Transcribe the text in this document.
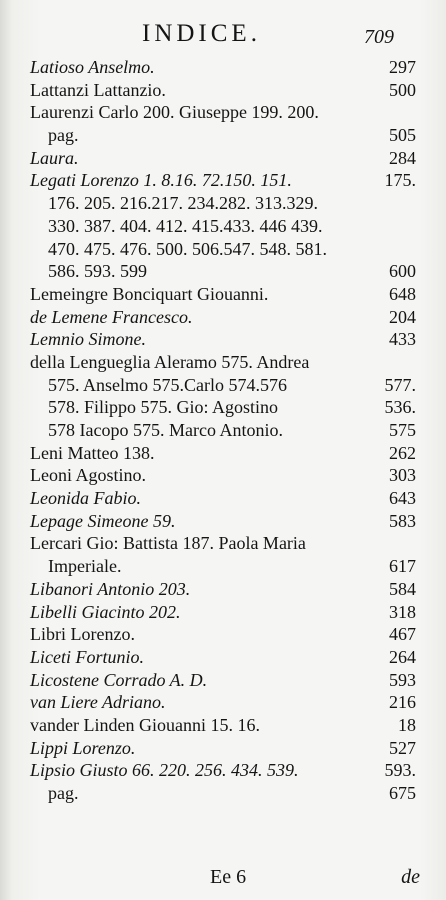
INDICE.	709
Latioso Anselmo.	297
Lattanzi Lattanzio.	500
Laurenzi Carlo 200. Giuseppe 199. 200.
pag.	505
Laura.	284
Legati Lorenzo 1. 8.16. 72.150. 151.	175.
176. 205. 216.217. 234.282. 313.329.
330. 387. 404. 412. 415.433. 446 439.
470. 475. 476. 500. 506.547. 548. 581.
586. 593. 599	600
Lemeingre Bonciquart Giouanni.	648
de Lemene Francesco.	204
Lemnio Simone.	433
della Lengueglia Aleramo 575. Andrea
575. Anselmo 575.Carlo 574.576	577.
578. Filippo 575. Gio: Agostino	536.
578 Iacopo 575. Marco Antonio.	575
Leni Matteo 138.	262
Leoni Agostino.	303
Leonida Fabio.	643
Lepage Simeone 59.	583
Lercari Gio: Battista 187. Paola Maria
Imperiale.	617
Libanori Antonio 203.	584
Libelli Giacinto 202.	318
Libri Lorenzo.	467
Liceti Fortunio.	264
Licostene Corrado A. D.	593
van Liere Adriano.	216
vander Linden Giouanni 15. 16.	18
Lippi Lorenzo.	527
Lipsio Giusto 66. 220. 256. 434. 539.	593.
pag.	675
Ee 6	de
